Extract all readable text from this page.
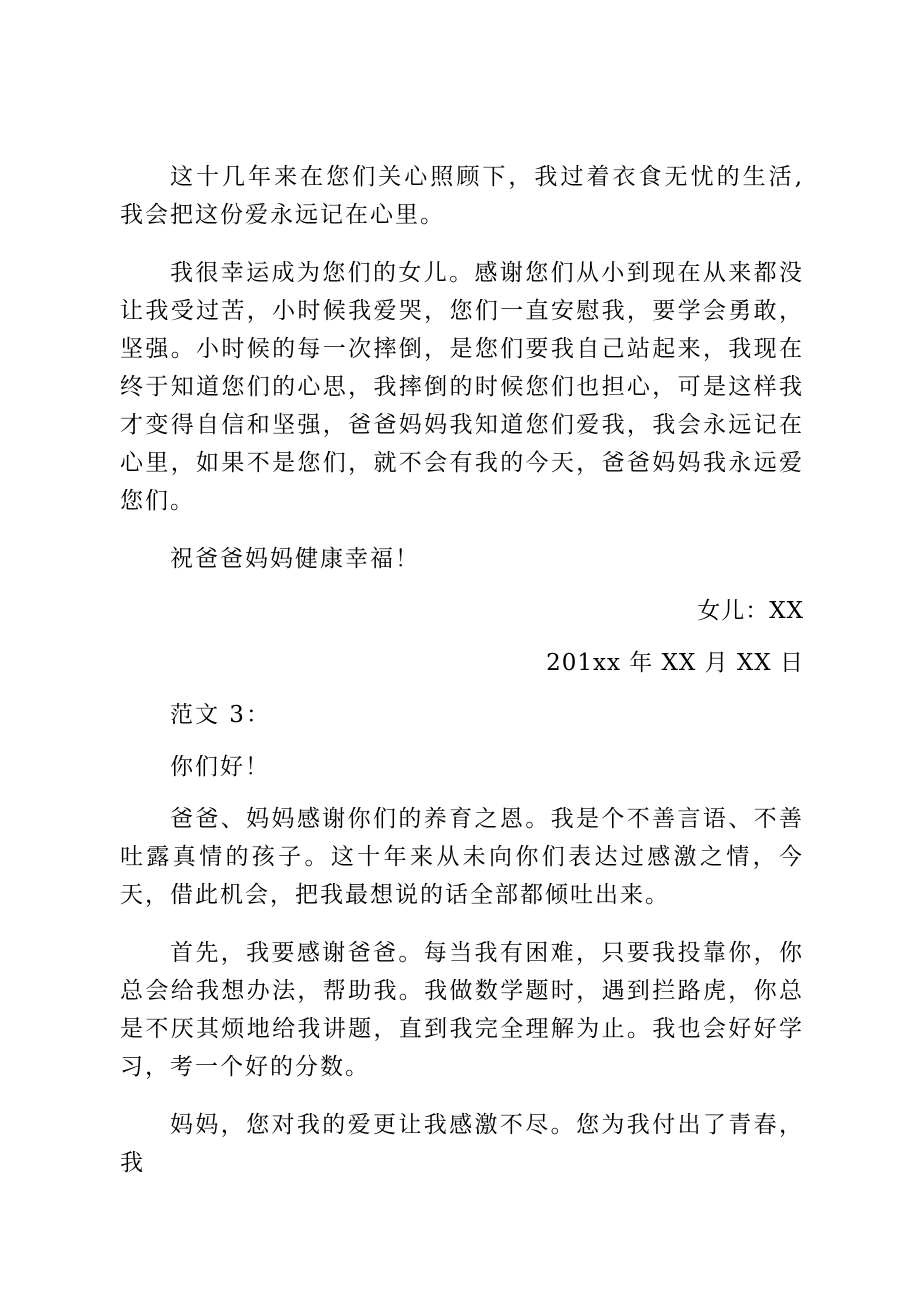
这十几年来在您们关心照顾下，我过着衣食无忧的生活,我会把这份爱永远记在心里。

我很幸运成为您们的女儿。感谢您们从小到现在从来都没让我受过苦，小时候我爱哭，您们一直安慰我，要学会勇敢，坚强。小时候的每一次摔倒，是您们要我自己站起来，我现在终于知道您们的心思，我摔倒的时候您们也担心，可是这样我才变得自信和坚强，爸爸妈妈我知道您们爱我，我会永远记在心里，如果不是您们，就不会有我的今天，爸爸妈妈我永远爱您们。

祝爸爸妈妈健康幸福！

女儿：XX

201xx 年 XX 月 XX 日

范文 3：

你们好！

爸爸、妈妈感谢你们的养育之恩。我是个不善言语、不善吐露真情的孩子。这十年来从未向你们表达过感激之情，今天，借此机会，把我最想说的话全部都倾吐出来。

首先，我要感谢爸爸。每当我有困难，只要我投靠你，你总会给我想办法，帮助我。我做数学题时，遇到拦路虎，你总是不厌其烦地给我讲题，直到我完全理解为止。我也会好好学习，考一个好的分数。

妈妈，您对我的爱更让我感激不尽。您为我付出了青春，我
